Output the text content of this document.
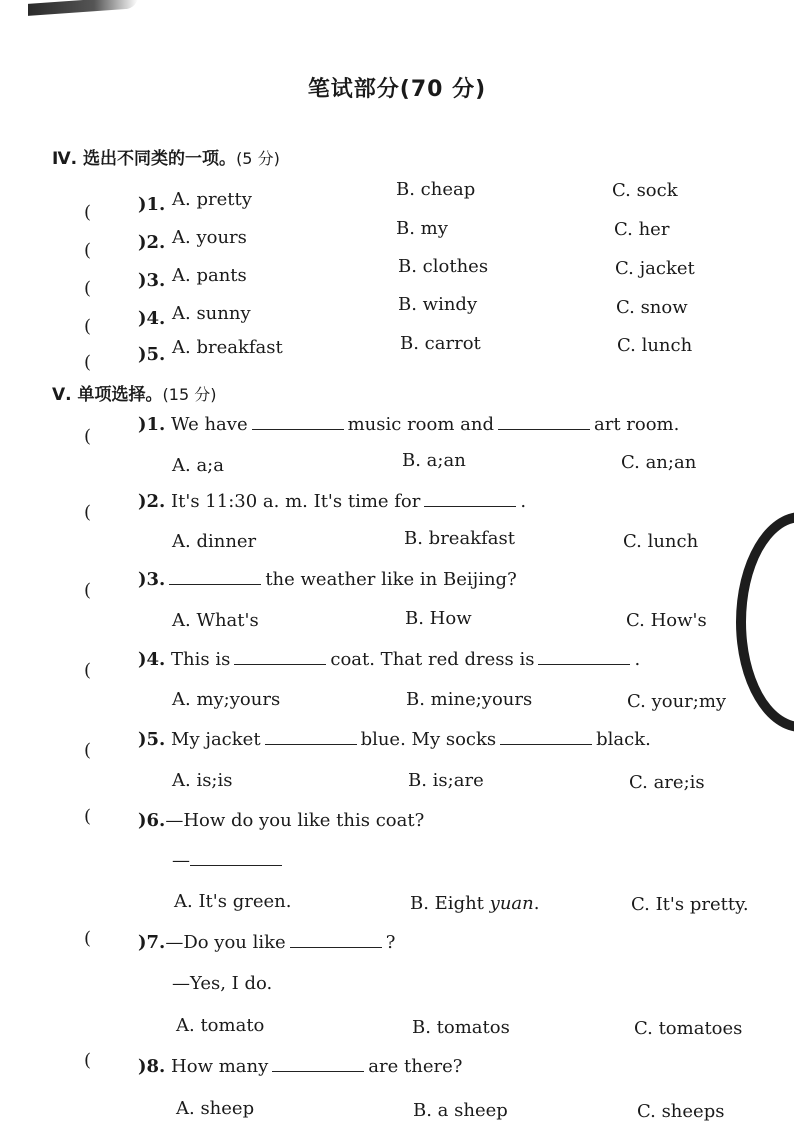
笔试部分(70 分)
Ⅳ. 选出不同类的一项。(5 分)
(	)1. A. pretty	B. cheap	C. sock
(	)2. A. yours	B. my	C. her
(	)3. A. pants	B. clothes	C. jacket
(	)4. A. sunny	B. windy	C. snow
(	)5. A. breakfast	B. carrot	C. lunch
Ⅴ. 单项选择。(15 分)
(
)1. We have	music room and	art room.
A. a;a	B. a;an	C. an;an
(
)2. It's 11:30 a. m. It's time for	.
A. dinner	B. breakfast	C. lunch
(
)3.	the weather like in Beijing?
A. What's	B. How	C. How's
(
)4. This is	coat. That red dress is	.
A. my;yours	B. mine;yours	C. your;my
(
)5. My jacket	blue. My socks	black.
A. is;is	B. is;are	C. are;is
(	)6.—How do you like this coat?
—
A. It's green.	B. Eight yuan.	C. It's pretty.
(	)7.—Do you like	?
—Yes, I do.
A. tomato	B. tomatos	C. tomatoes
(	)8. How many	are there?
A. sheep	B. a sheep	C. sheeps
